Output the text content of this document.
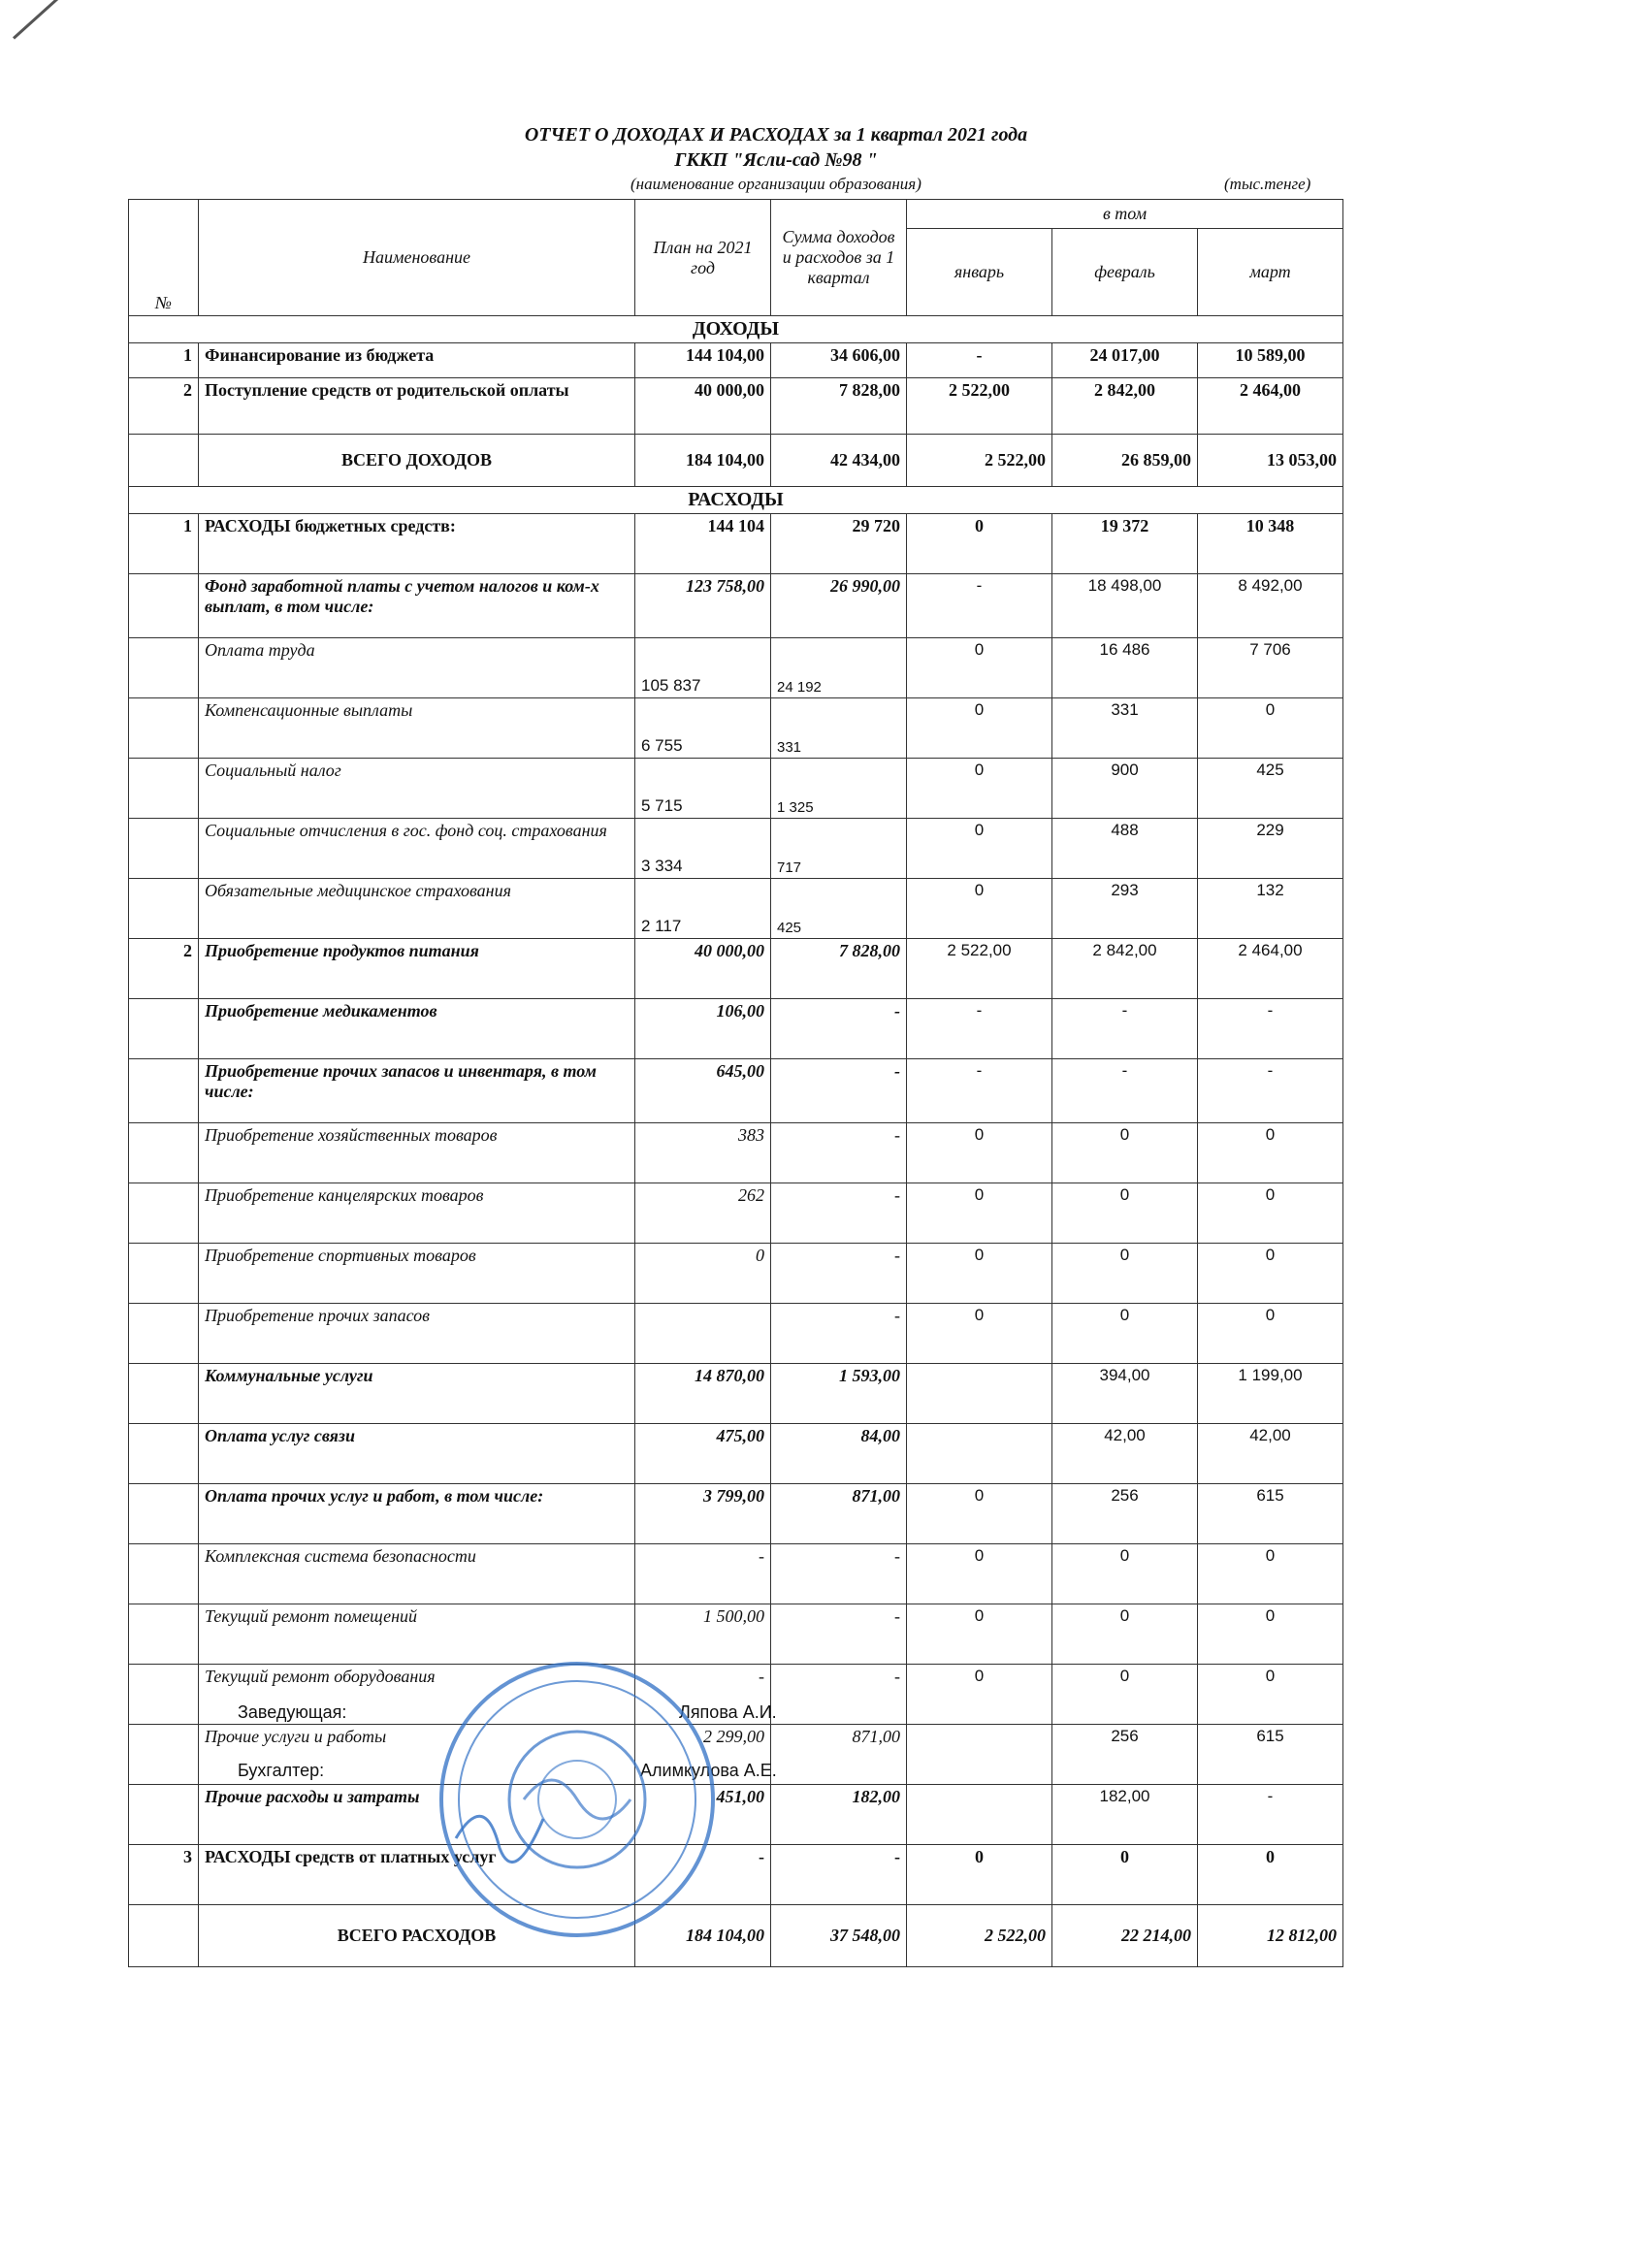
ОТЧЕТ О ДОХОДАХ И РАСХОДАХ за 1 квартал 2021 года
ГККП "Ясли-сад №98 "
(наименование организации образования)	(тыс.тенге)
№	Наименование	План на 2021 год	Сумма доходов и расходов за 1 квартал	в том		
				январь	февраль	март
ДОХОДЫ						
1	Финансирование из бюджета	144 104,00	34 606,00	-	24 017,00	10 589,00
2	Поступление средств от родительской оплаты	40 000,00	7 828,00	2 522,00	2 842,00	2 464,00
	ВСЕГО ДОХОДОВ	184 104,00	42 434,00	2 522,00	26 859,00	13 053,00
РАСХОДЫ						
1	РАСХОДЫ бюджетных средств:	144 104	29 720	0	19 372	10 348
	Фонд заработной платы с учетом налогов и ком-х выплат, в том числе:	123 758,00	26 990,00	-	18 498,00	8 492,00
	Оплата труда	105 837	24 192	0	16 486	7 706
	Компенсационные выплаты	6 755	331	0	331	0
	Социальный налог	5 715	1 325	0	900	425
	Социальные отчисления в гос. фонд соц. страхования	3 334	717	0	488	229
	Обязательные медицинское страхования	2 117	425	0	293	132
2	Приобретение продуктов питания	40 000,00	7 828,00	2 522,00	2 842,00	2 464,00
	Приобретение медикаментов	106,00	-	-	-	-
	Приобретение прочих запасов и инвентаря, в том числе:	645,00	-	-	-	-
	Приобретение хозяйственных товаров	383	-	0	0	0
	Приобретение канцелярских товаров	262	-	0	0	0
	Приобретение спортивных товаров	0	-	0	0	0
	Приобретение прочих запасов		-	0	0	0
	Коммунальные услуги	14 870,00	1 593,00		394,00	1 199,00
	Оплата услуг связи	475,00	84,00		42,00	42,00
	Оплата прочих услуг и работ, в том числе:	3 799,00	871,00	0	256	615
	Комплексная система безопасности	-	-	0	0	0
	Текущий ремонт помещений	1 500,00	-	0	0	0
	Текущий ремонт оборудования	-	-	0	0	0
	Прочие услуги и работы	2 299,00	871,00		256	615
	Прочие расходы и затраты	451,00	182,00		182,00	-
3	РАСХОДЫ средств от платных услуг	-	-	0	0	0
	ВСЕГО РАСХОДОВ	184 104,00	37 548,00	2 522,00	22 214,00	12 812,00
Заведующая:	Ляпова А.И.
Бухгалтер:	Алимкулова А.Е.
